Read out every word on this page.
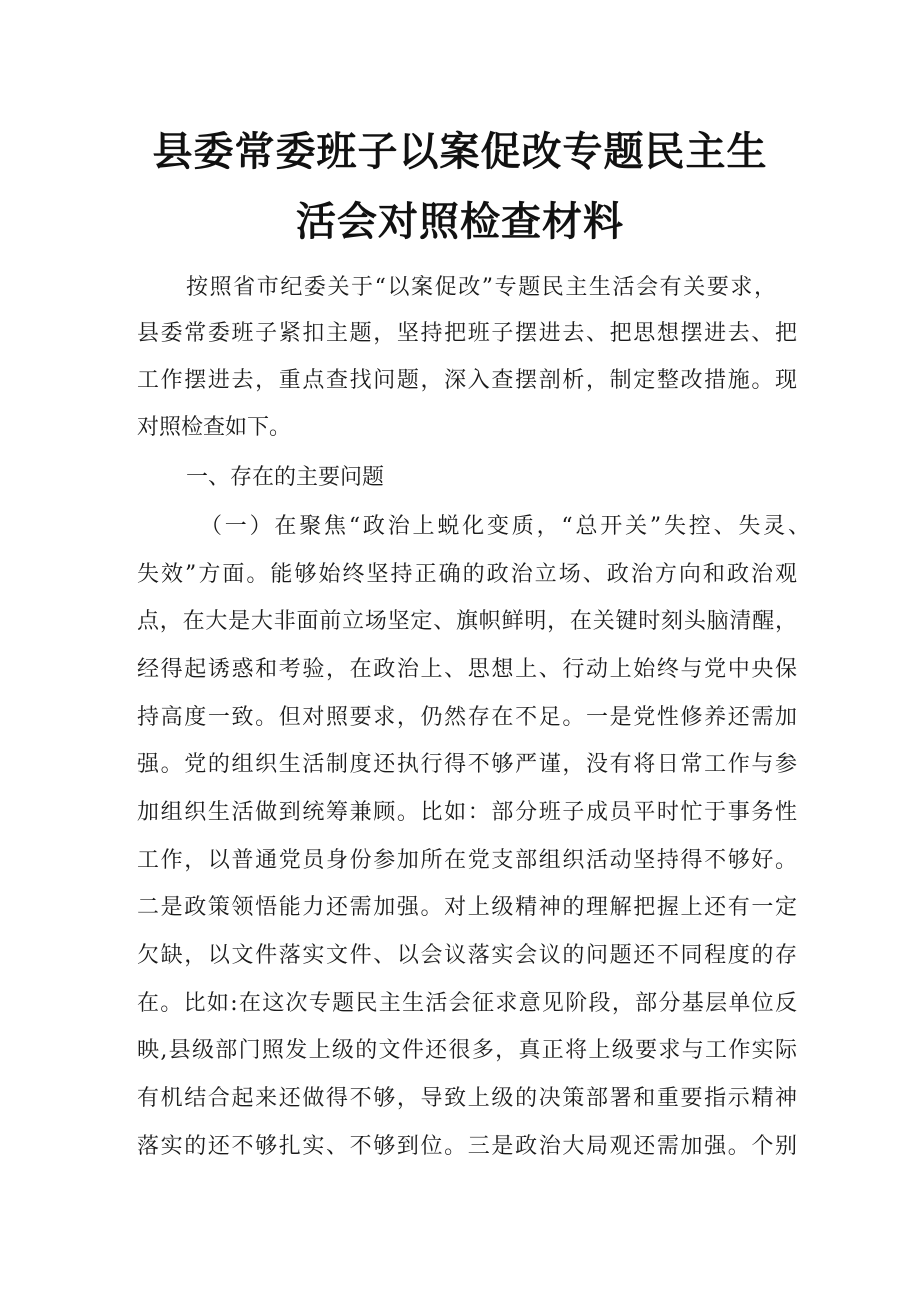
县委常委班子以案促改专题民主生
活会对照检查材料
按照省市纪委关于“以案促改”专题民主生活会有关要求，
县委常委班子紧扣主题，坚持把班子摆进去、把思想摆进去、把
工作摆进去，重点查找问题，深入查摆剖析，制定整改措施。现
对照检查如下。
一、存在的主要问题
（一）在聚焦“政治上蜕化变质，“总开关”失控、失灵、
失效”方面。能够始终坚持正确的政治立场、政治方向和政治观
点，在大是大非面前立场坚定、旗帜鲜明，在关键时刻头脑清醒，
经得起诱惑和考验，在政治上、思想上、行动上始终与党中央保
持高度一致。但对照要求，仍然存在不足。一是党性修养还需加
强。党的组织生活制度还执行得不够严谨，没有将日常工作与参
加组织生活做到统筹兼顾。比如：部分班子成员平时忙于事务性
工作，以普通党员身份参加所在党支部组织活动坚持得不够好。
二是政策领悟能力还需加强。对上级精神的理解把握上还有一定
欠缺，以文件落实文件、以会议落实会议的问题还不同程度的存
在。比如:在这次专题民主生活会征求意见阶段，部分基层单位反
映,县级部门照发上级的文件还很多，真正将上级要求与工作实际
有机结合起来还做得不够，导致上级的决策部署和重要指示精神
落实的还不够扎实、不够到位。三是政治大局观还需加强。个别
